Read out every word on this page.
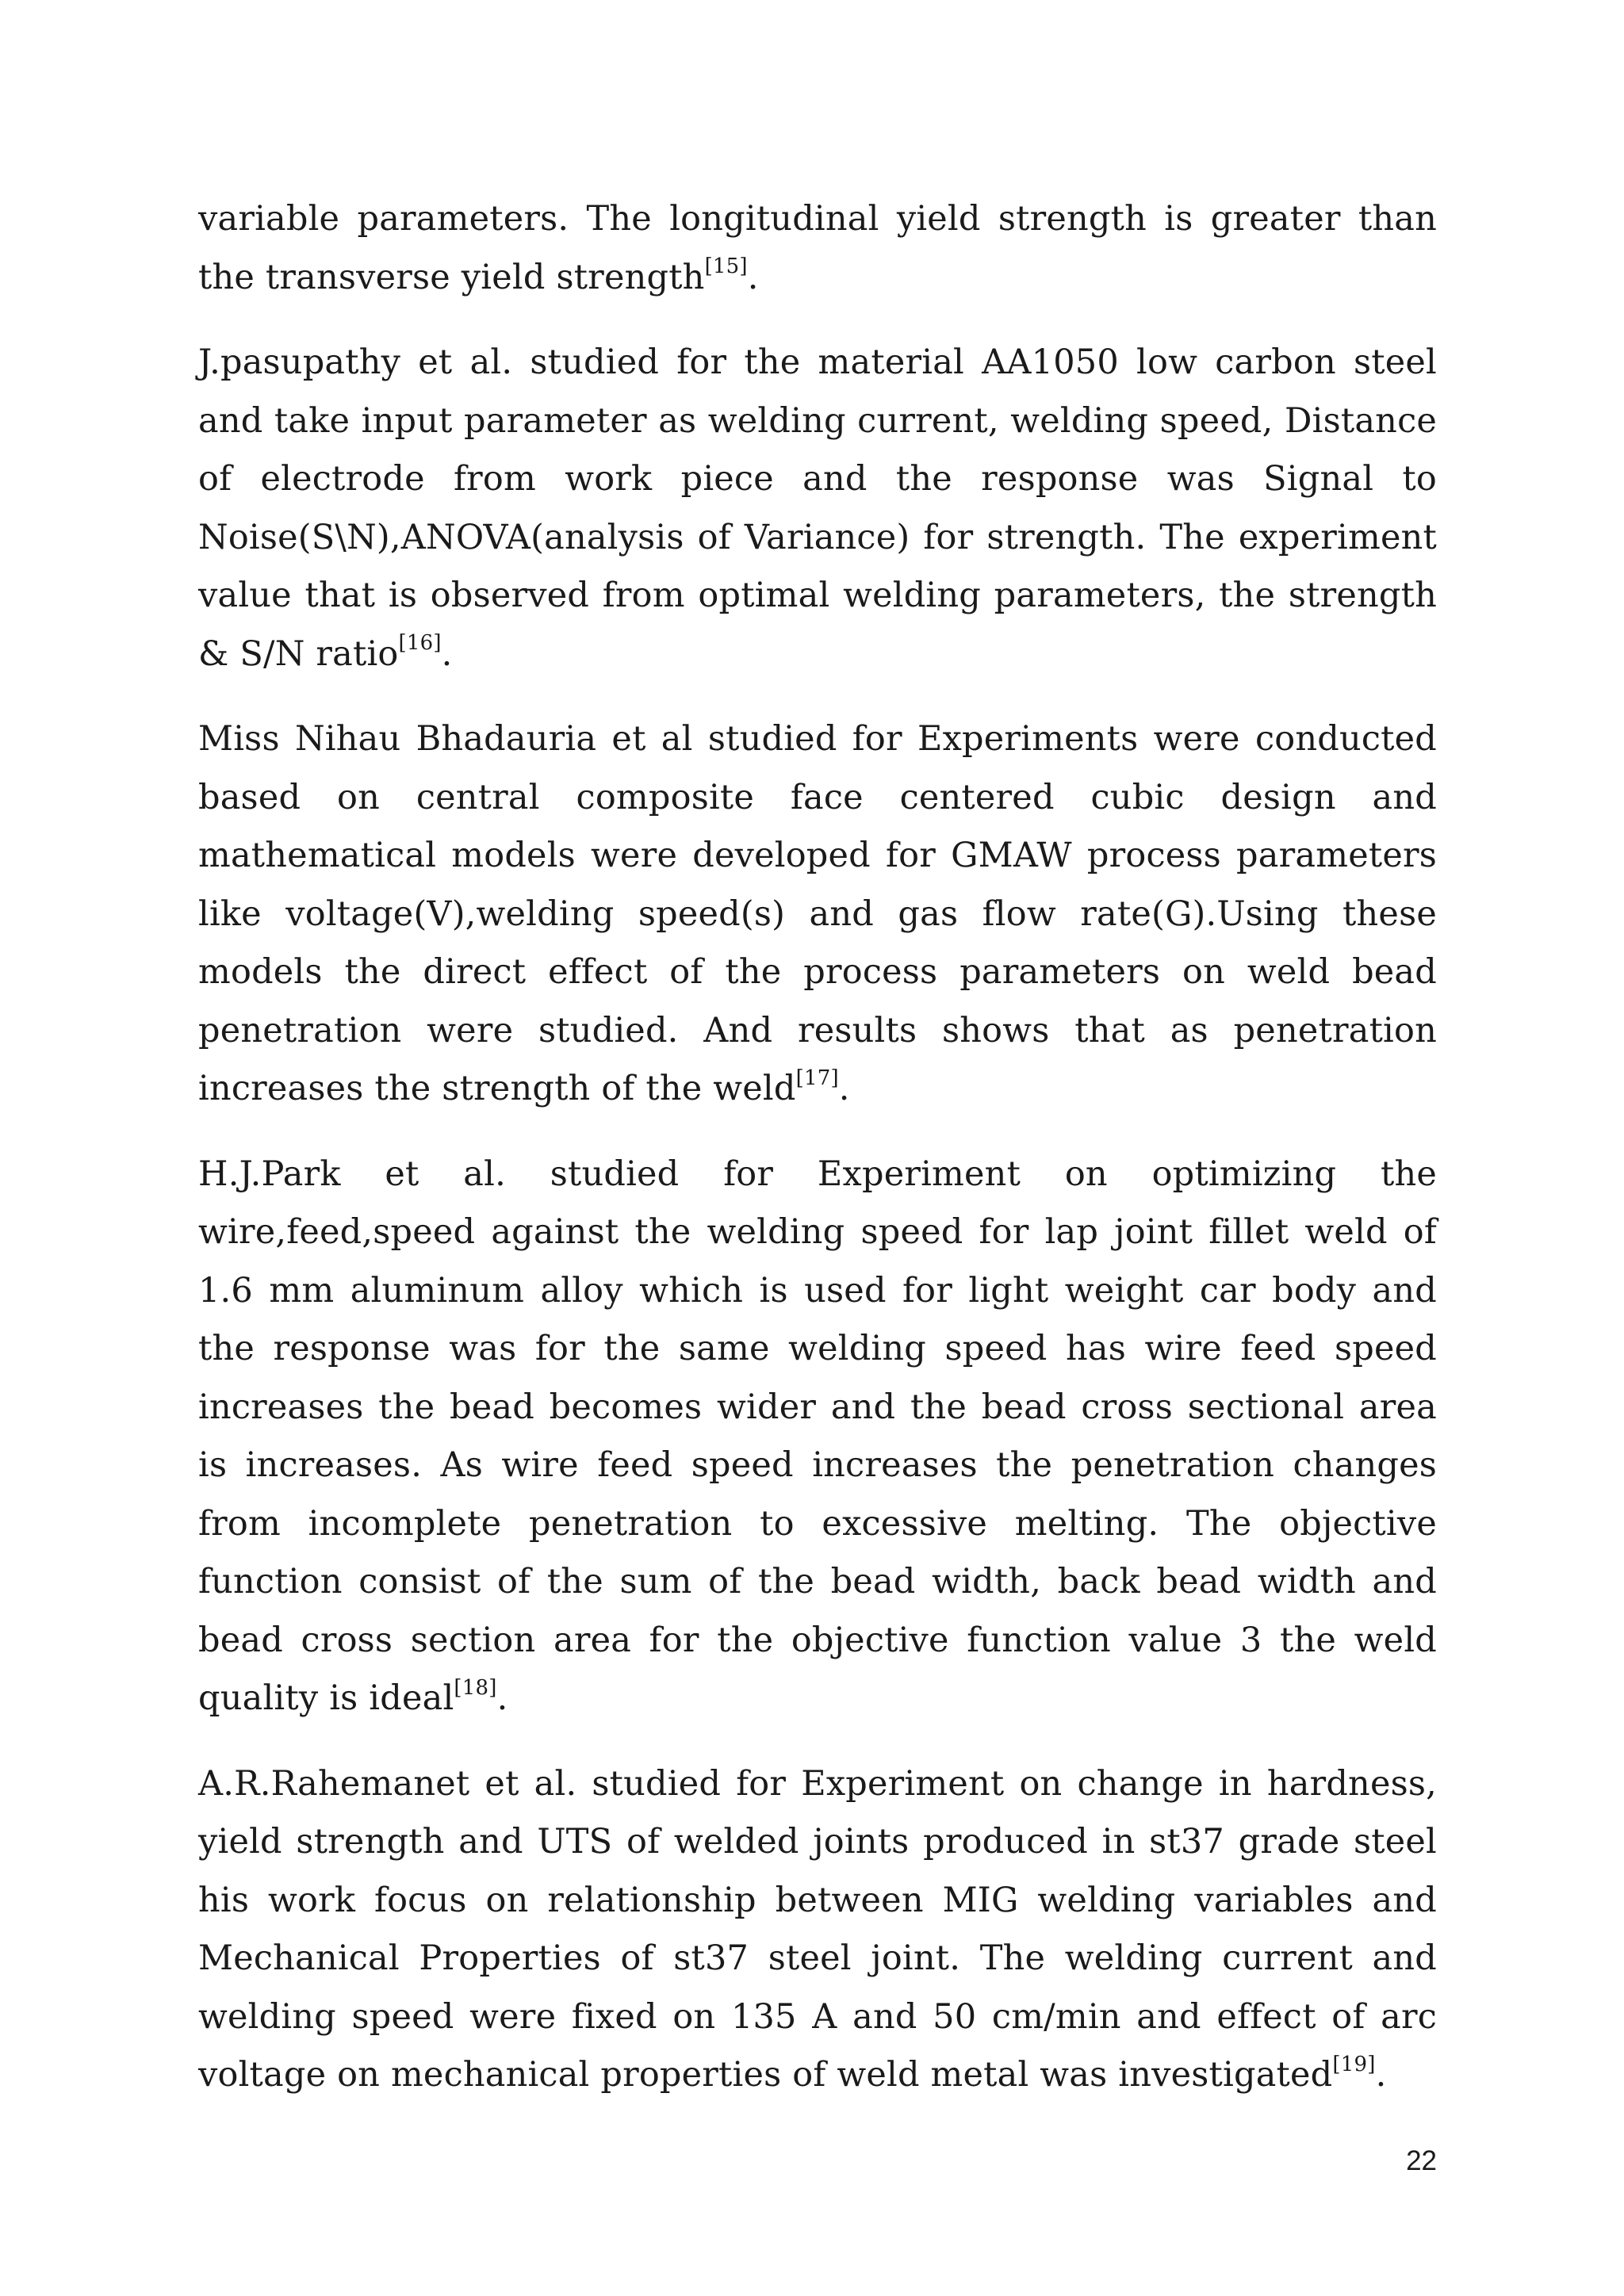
variable parameters. The longitudinal yield strength is greater than the transverse yield strength[15].

J.pasupathy et al. studied for the material AA1050 low carbon steel and take input parameter as welding current, welding speed, Distance of electrode from work piece and the response was Signal to Noise(S\N),ANOVA(analysis of Variance) for strength. The experiment value that is observed from optimal welding parameters, the strength & S/N ratio[16].

Miss Nihau Bhadauria et al studied for Experiments were conducted based on central composite face centered cubic design and mathematical models were developed for GMAW process parameters like voltage(V),welding speed(s) and gas flow rate(G).Using these models the direct effect of the process parameters on weld bead penetration were studied. And results shows that as penetration increases the strength of the weld[17].

H.J.Park et al. studied for Experiment on optimizing the wire,feed,speed against the welding speed for lap joint fillet weld of 1.6 mm aluminum alloy which is used for light weight car body and the response was for the same welding speed has wire feed speed increases the bead becomes wider and the bead cross sectional area is increases. As wire feed speed increases the penetration changes from incomplete penetration to excessive melting. The objective function consist of the sum of the bead width, back bead width and bead cross section area for the objective function value 3 the weld quality is ideal[18].

A.R.Rahemanet et al. studied for Experiment on change in hardness, yield strength and UTS of welded joints produced in st37 grade steel his work focus on relationship between MIG welding variables and Mechanical Properties of st37 steel joint. The welding current and welding speed were fixed on 135 A and 50 cm/min and effect of arc voltage on mechanical properties of weld metal was investigated[19].

22
